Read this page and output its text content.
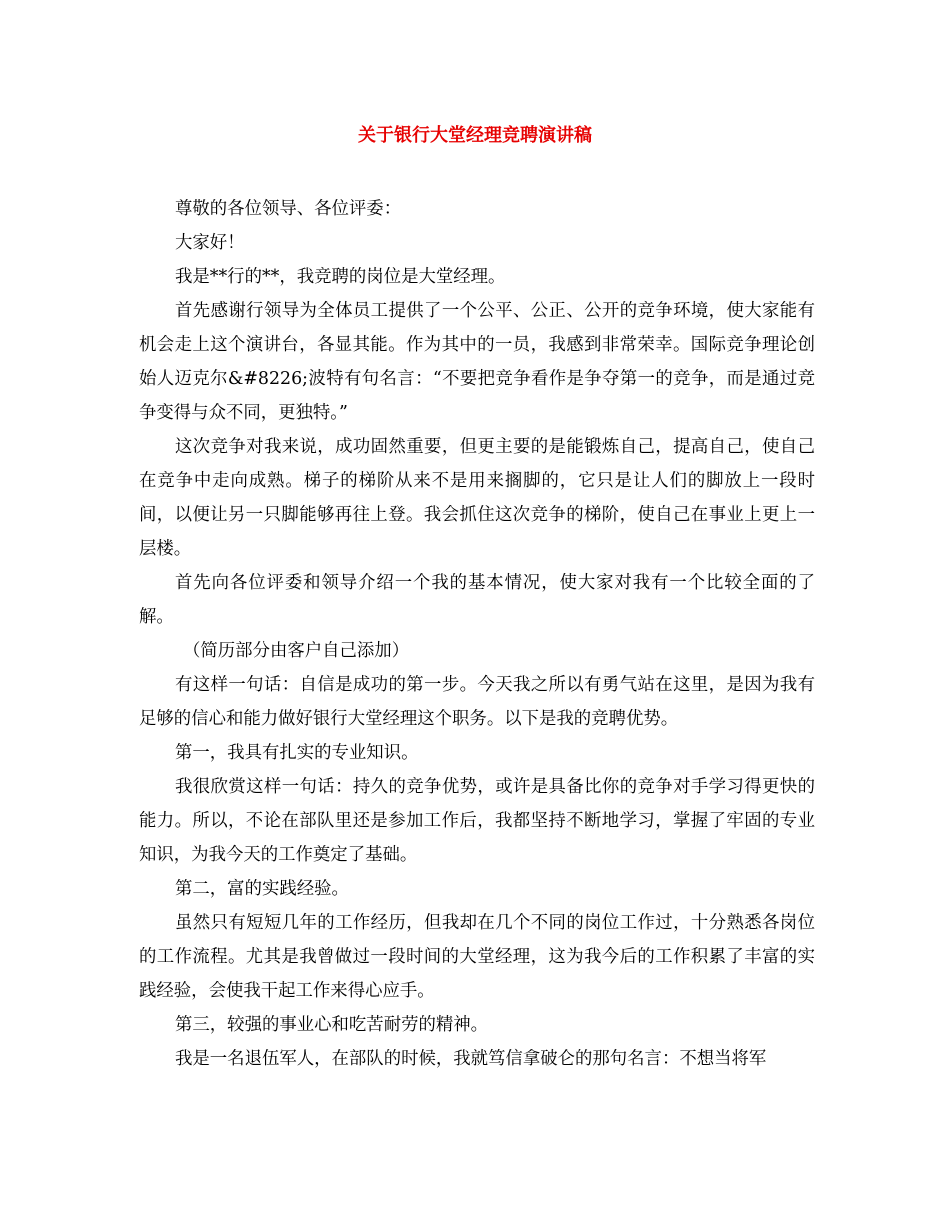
关于银行大堂经理竞聘演讲稿

尊敬的各位领导、各位评委：

大家好！

我是**行的**，我竞聘的岗位是大堂经理。

首先感谢行领导为全体员工提供了一个公平、公正、公开的竞争环境，使大家能有机会走上这个演讲台，各显其能。作为其中的一员，我感到非常荣幸。国际竞争理论创始人迈克尔&#8226;波特有句名言：“不要把竞争看作是争夺第一的竞争，而是通过竞争变得与众不同，更独特。”

这次竞争对我来说，成功固然重要，但更主要的是能锻炼自己，提高自己，使自己在竞争中走向成熟。梯子的梯阶从来不是用来搁脚的，它只是让人们的脚放上一段时间，以便让另一只脚能够再往上登。我会抓住这次竞争的梯阶，使自己在事业上更上一层楼。

首先向各位评委和领导介绍一个我的基本情况，使大家对我有一个比较全面的了解。

（简历部分由客户自己添加）

有这样一句话：自信是成功的第一步。今天我之所以有勇气站在这里，是因为我有足够的信心和能力做好银行大堂经理这个职务。以下是我的竞聘优势。

第一，我具有扎实的专业知识。

我很欣赏这样一句话：持久的竞争优势，或许是具备比你的竞争对手学习得更快的能力。所以，不论在部队里还是参加工作后，我都坚持不断地学习，掌握了牢固的专业知识，为我今天的工作奠定了基础。

第二，富的实践经验。

虽然只有短短几年的工作经历，但我却在几个不同的岗位工作过，十分熟悉各岗位的工作流程。尤其是我曾做过一段时间的大堂经理，这为我今后的工作积累了丰富的实践经验，会使我干起工作来得心应手。

第三，较强的事业心和吃苦耐劳的精神。

我是一名退伍军人，在部队的时候，我就笃信拿破仑的那句名言：不想当将军
